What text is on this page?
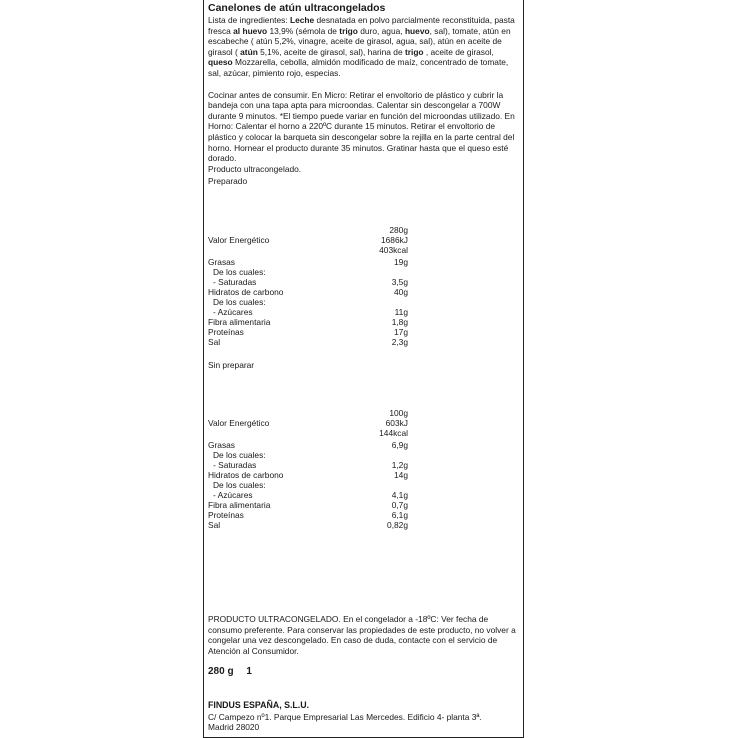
Canelones de atún ultracongelados

Lista de ingredientes: Leche desnatada en polvo parcialmente reconstituida, pasta fresca al huevo 13,9% (sémola de trigo duro, agua, huevo, sal), tomate, atún en escabeche ( atún 5,2%, vinagre, aceite de girasol, agua, sal), atún en aceite de girasol ( atún 5,1%, aceite de girasol, sal), harina de trigo , aceite de girasol, queso Mozzarella, cebolla, almidón modificado de maíz, concentrado de tomate, sal, azúcar, pimiento rojo, especias.

Cocinar antes de consumir. En Micro: Retirar el envoltorio de plástico y cubrir la bandeja con una tapa apta para microondas. Calentar sin descongelar a 700W durante 9 minutos. *El tiempo puede variar en función del microondas utilizado. En Horno: Calentar el horno a 220ºC durante 15 minutos. Retirar el envoltorio de plástico y colocar la barqueta sin descongelar sobre la rejilla en la parte central del horno. Hornear el producto durante 35 minutos. Gratinar hasta que el queso esté dorado.

Producto ultracongelado.

Preparado
280g
Valor Energético	1686kJ
403kcal
Grasas	19g
De los cuales:
- Saturadas	3,5g
Hidratos de carbono	40g
De los cuales:
- Azúcares	11g
Fibra alimentaria	1,8g
Proteínas	17g
Sal	2,3g
Sin preparar
100g
Valor Energético	603kJ
144kcal
Grasas	6,9g
De los cuales:
- Saturadas	1,2g
Hidratos de carbono	14g
De los cuales:
- Azúcares	4,1g
Fibra alimentaria	0,7g
Proteínas	6,1g
Sal	0,82g
PRODUCTO ULTRACONGELADO. En el congelador a -18ºC: Ver fecha de consumo preferente. Para conservar las propiedades de este producto, no volver a congelar una vez descongelado. En caso de duda, contacte con el servicio de Atención al Consumidor.
280 g 1
FINDUS ESPAÑA, S.L.U.
C/ Campezo nº1. Parque Empresarial Las Mercedes. Edificio 4- planta 3ª.
Madrid 28020
